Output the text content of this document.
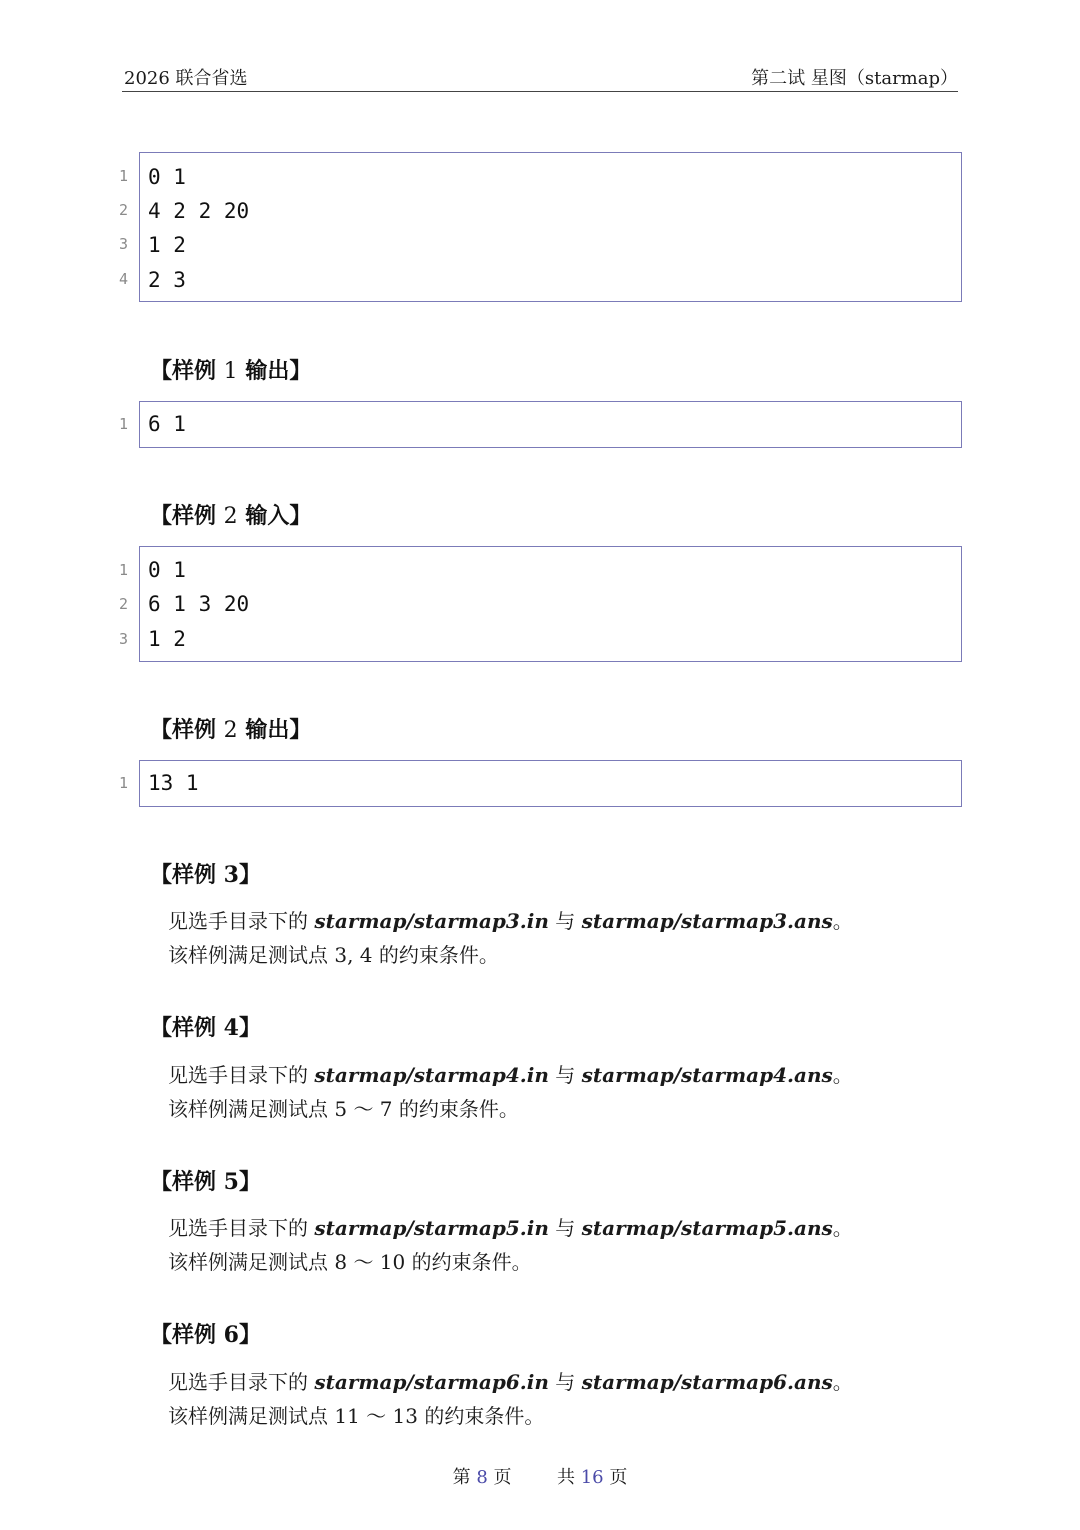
2026 联合省选	第二试 星图（starmap）
0 1
4 2 2 20
1 2
2 3
1
2
3
4
【样例 1 输出】
6 1
1
【样例 2 输入】
0 1
6 1 3 20
1 2
1
2
3
【样例 2 输出】
13 1
1
【样例 3】
见选手目录下的 starmap/starmap3.in 与 starmap/starmap3.ans。
该样例满足测试点 3, 4 的约束条件。
【样例 4】
见选手目录下的 starmap/starmap4.in 与 starmap/starmap4.ans。
该样例满足测试点 5 ～ 7 的约束条件。
【样例 5】
见选手目录下的 starmap/starmap5.in 与 starmap/starmap5.ans。
该样例满足测试点 8 ～ 10 的约束条件。
【样例 6】
见选手目录下的 starmap/starmap6.in 与 starmap/starmap6.ans。
该样例满足测试点 11 ～ 13 的约束条件。
第 8 页	共 16 页
